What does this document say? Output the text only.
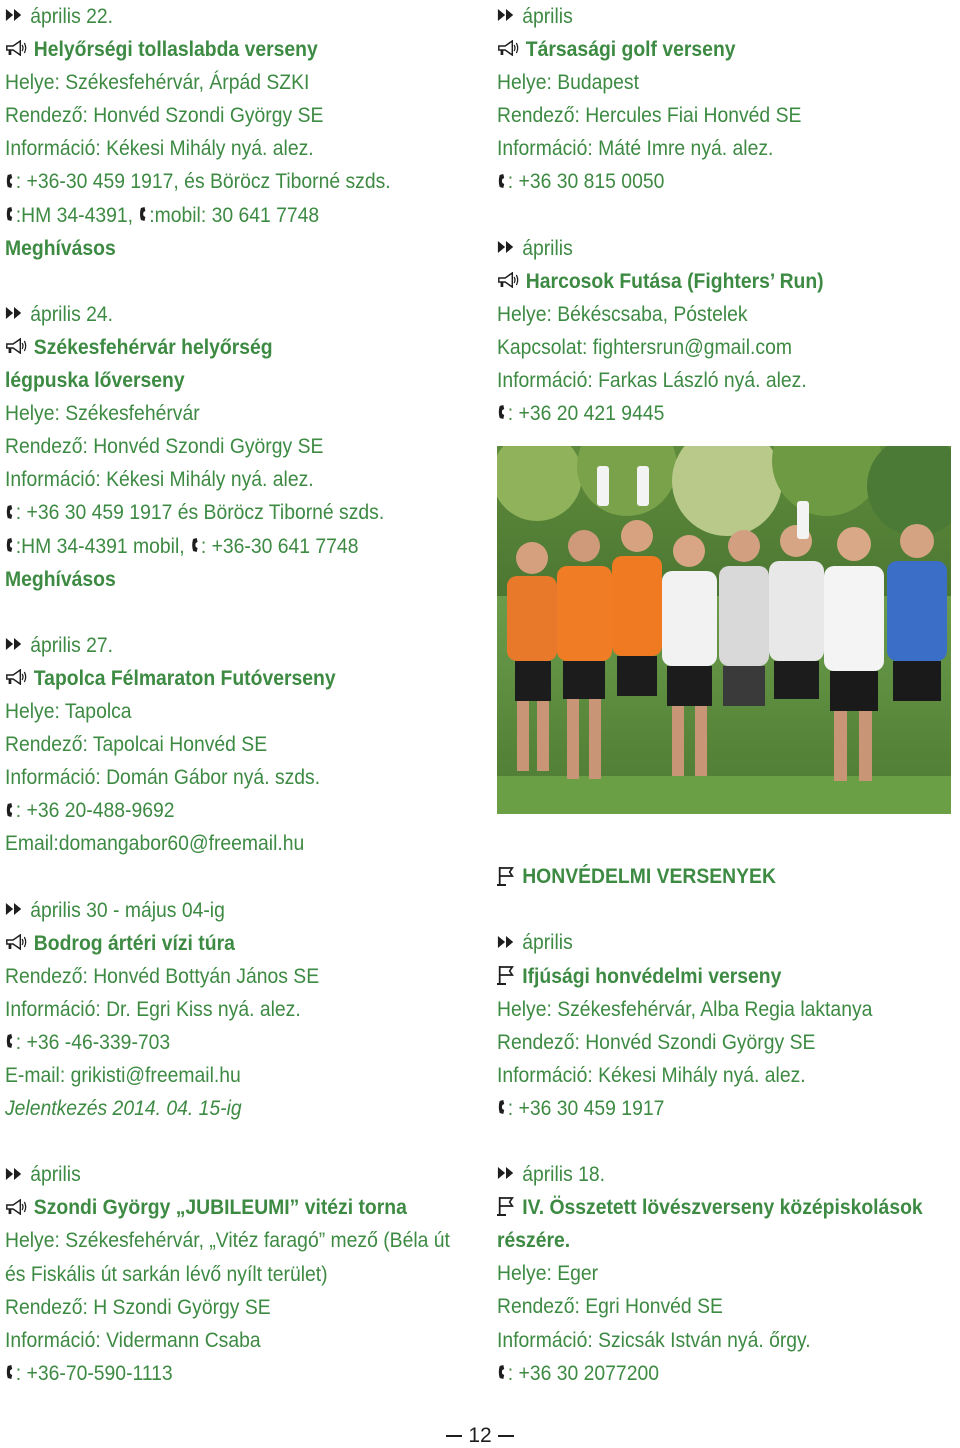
április 22.
Helyőrségi tollaslabda verseny
Helye: Székesfehérvár, Árpád SZKI
Rendező: Honvéd Szondi György SE
Információ: Kékesi Mihály nyá. alez.
: +36-30 459 1917, és Böröcz Tiborné szds.
:HM 34-4391, :mobil: 30 641 7748
Meghívásos
április 24.
Székesfehérvár helyőrség
légpuska lőverseny
Helye: Székesfehérvár
Rendező: Honvéd Szondi György SE
Információ: Kékesi Mihály nyá. alez.
: +36 30 459 1917 és Böröcz Tiborné szds.
:HM 34-4391 mobil, : +36-30 641 7748
Meghívásos
április 27.
Tapolca Félmaraton Futóverseny
Helye: Tapolca
Rendező: Tapolcai Honvéd SE
Információ: Domán Gábor nyá. szds.
: +36 20-488-9692
Email:domangabor60@freemail.hu
április 30 - május 04-ig
Bodrog ártéri vízi túra
Rendező: Honvéd Bottyán János SE
Információ: Dr. Egri Kiss nyá. alez.
: +36 -46-339-703
E-mail: grikisti@freemail.hu
Jelentkezés 2014. 04. 15-ig
április
Szondi György „JUBILEUMI” vitézi torna
Helye: Székesfehérvár, „Vitéz faragó” mező (Béla út és Fiskális út sarkán lévő nyílt terület)
Rendező: H Szondi György SE
Információ: Vidermann Csaba
: +36-70-590-1113
április
Társasági golf verseny
Helye: Budapest
Rendező: Hercules Fiai Honvéd SE
Információ: Máté Imre nyá. alez.
: +36 30 815 0050
április
Harcosok Futása (Fighters’ Run)
Helye: Békéscsaba, Póstelek
Kapcsolat: fightersrun@gmail.com
Információ: Farkas László nyá. alez.
: +36 20 421 9445
HONVÉDELMI VERSENYEK
április
Ifjúsági honvédelmi verseny
Helye: Székesfehérvár, Alba Regia laktanya
Rendező: Honvéd Szondi György SE
Információ: Kékesi Mihály nyá. alez.
: +36 30 459 1917
április 18.
IV. Összetett lövészverseny középiskolások
részére.
Helye: Eger
Rendező: Egri Honvéd SE
Információ: Szicsák István nyá. őrgy.
: +36 30 2077200
12
